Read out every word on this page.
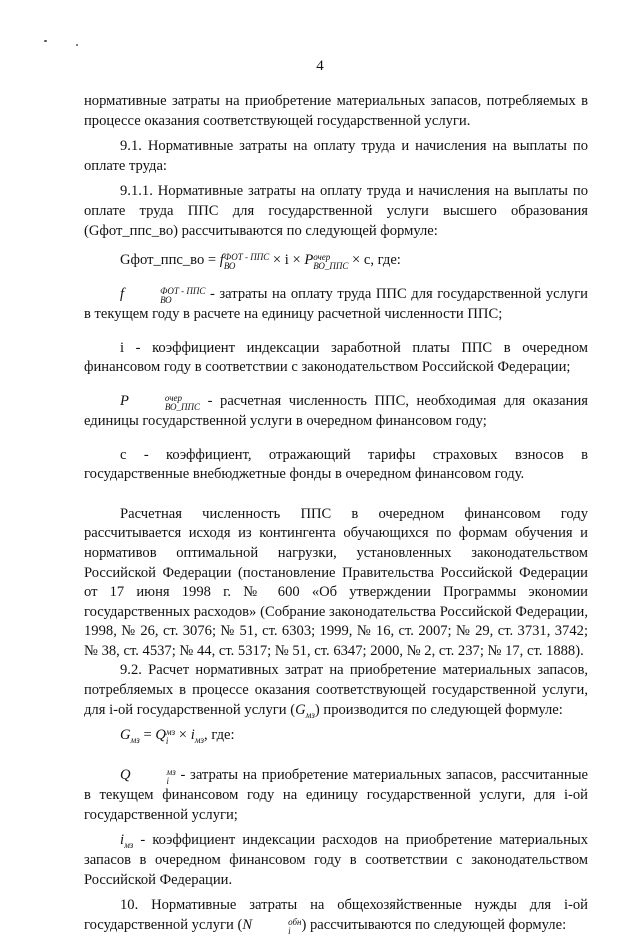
4

нормативные затраты на приобретение материальных запасов, потребляемых в процессе оказания соответствующей государственной услуги.

9.1. Нормативные затраты на оплату труда и начисления на выплаты по оплате труда:

9.1.1. Нормативные затраты на оплату труда и начисления на выплаты по оплате труда ППС для государственной услуги высшего образования (Gфот_ппс_во) рассчитываются по следующей формуле:

Gфот_ппс_во = f ФОТ - ППС
ВО	× i × P очер
ВО_ППС × c, где:

f	ФОТ - ППС
ВО	- затраты на оплату труда ППС для государственной услуги в текущем году в расчете на единицу расчетной численности ППС;

i - коэффициент индексации заработной платы ППС в очередном финансовом году в соответствии с законодательством Российской Федерации;

P	очер
ВО_ППС - расчетная численность ППС, необходимая для оказания единицы государственной услуги в очередном финансовом году;

c - коэффициент, отражающий тарифы страховых взносов в государственные внебюджетные фонды в очередном финансовом году.

Расчетная численность ППС в очередном финансовом году рассчитывается исходя из контингента обучающихся по формам обучения и нормативов оптимальной нагрузки, установленных законодательством Российской Федерации (постановление Правительства Российской Федерации от 17 июня 1998 г. № 600 «Об утверждении Программы экономии государственных расходов» (Собрание законодательства Российской Федерации, 1998, № 26, ст. 3076; № 51, ст. 6303; 1999, № 16, ст. 2007; № 29, ст. 3731, 3742; № 38, ст. 4537; № 44, ст. 5317; № 51, ст. 6347; 2000, № 2, ст. 237; № 17, ст. 1888).

9.2. Расчет нормативных затрат на приобретение материальных запасов, потребляемых в процессе оказания соответствующей государственной услуги, для i-ой государственной услуги $(G_{мз})$ производится по следующей формуле:

$G_{мз} = Q$ мз
$i \times i_{мз}$, где:

Q	мз
i - затраты на приобретение материальных запасов, рассчитанные в текущем финансовом году на единицу государственной услуги, для i-ой государственной услуги;

$i_{мз}$ - коэффициент индексации расходов на приобретение материальных запасов в очередном финансовом году в соответствии с законодательством Российской Федерации.

10. Нормативные затраты на общехозяйственные нужды для i-ой государственной услуги (N	обн
i ) рассчитываются по следующей формуле:
